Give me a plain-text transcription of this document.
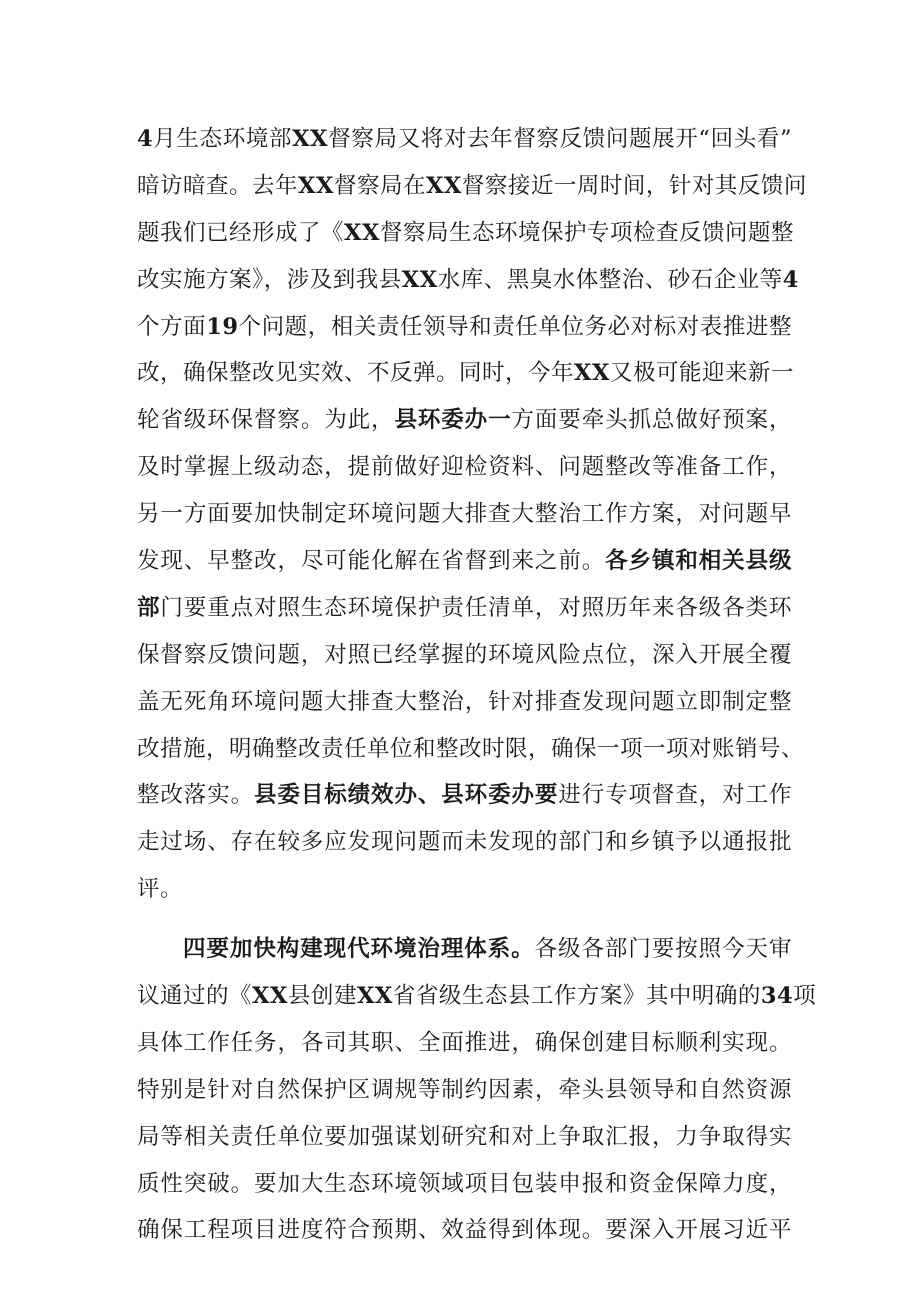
4月生态环境部XX督察局又将对去年督察反馈问题展开“回头看”
暗访暗查。去年XX督察局在XX督察接近一周时间，针对其反馈问
题我们已经形成了《XX督察局生态环境保护专项检查反馈问题整
改实施方案》，涉及到我县XX水库、黑臭水体整治、砂石企业等4
个方面19个问题，相关责任领导和责任单位务必对标对表推进整
改，确保整改见实效、不反弹。同时，今年XX又极可能迎来新一
轮省级环保督察。为此，县环委办一方面要牵头抓总做好预案，
及时掌握上级动态，提前做好迎检资料、问题整改等准备工作，
另一方面要加快制定环境问题大排查大整治工作方案，对问题早
发现、早整改，尽可能化解在省督到来之前。各乡镇和相关县级
部门要重点对照生态环境保护责任清单，对照历年来各级各类环
保督察反馈问题，对照已经掌握的环境风险点位，深入开展全覆
盖无死角环境问题大排查大整治，针对排查发现问题立即制定整
改措施，明确整改责任单位和整改时限，确保一项一项对账销号、
整改落实。县委目标绩效办、县环委办要进行专项督查，对工作
走过场、存在较多应发现问题而未发现的部门和乡镇予以通报批
评。
四要加快构建现代环境治理体系。各级各部门要按照今天审
议通过的《XX县创建XX省省级生态县工作方案》其中明确的34项
具体工作任务，各司其职、全面推进，确保创建目标顺利实现。
特别是针对自然保护区调规等制约因素，牵头县领导和自然资源
局等相关责任单位要加强谋划研究和对上争取汇报，力争取得实
质性突破。要加大生态环境领域项目包装申报和资金保障力度，
确保工程项目进度符合预期、效益得到体现。要深入开展习近平
